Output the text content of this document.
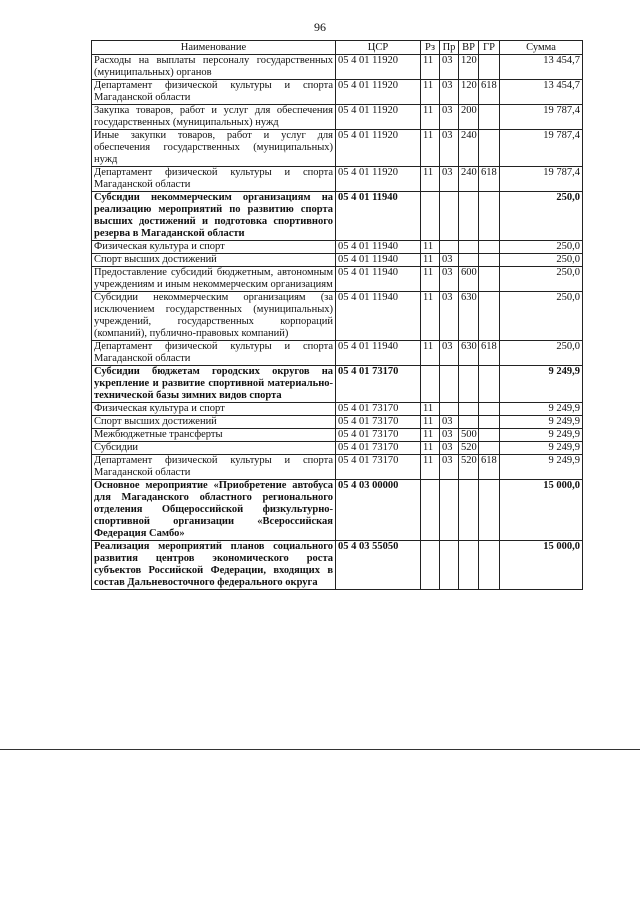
96
Наименование	ЦСР	Рз	Пр	ВР	ГР	Сумма
Расходы на выплаты персоналу государственных (муниципальных) органов	05 4 01 11920	11	03	120		13 454,7
Департамент физической культуры и спорта Магаданской области	05 4 01 11920	11	03	120	618	13 454,7
Закупка товаров, работ и услуг для обеспечения государственных (муниципальных) нужд	05 4 01 11920	11	03	200		19 787,4
Иные закупки товаров, работ и услуг для обеспечения государственных (муниципальных) нужд	05 4 01 11920	11	03	240		19 787,4
Департамент физической культуры и спорта Магаданской области	05 4 01 11920	11	03	240	618	19 787,4
Субсидии некоммерческим организациям на реализацию мероприятий по развитию спорта высших достижений и подготовка спортивного резерва в Магаданской области	05 4 01 11940					250,0
Физическая культура и спорт	05 4 01 11940	11				250,0
Спорт высших достижений	05 4 01 11940	11	03			250,0
Предоставление субсидий бюджетным, автономным учреждениям и иным некоммерческим организациям	05 4 01 11940	11	03	600		250,0
Субсидии некоммерческим организациям (за исключением государственных (муниципальных) учреждений, государственных корпораций (компаний), публично-правовых компаний)	05 4 01 11940	11	03	630		250,0
Департамент физической культуры и спорта Магаданской области	05 4 01 11940	11	03	630	618	250,0
Субсидии бюджетам городских округов на укрепление и развитие спортивной материально-технической базы зимних видов спорта	05 4 01 73170					9 249,9
Физическая культура и спорт	05 4 01 73170	11				9 249,9
Спорт высших достижений	05 4 01 73170	11	03			9 249,9
Межбюджетные трансферты	05 4 01 73170	11	03	500		9 249,9
Субсидии	05 4 01 73170	11	03	520		9 249,9
Департамент физической культуры и спорта Магаданской области	05 4 01 73170	11	03	520	618	9 249,9
Основное мероприятие «Приобретение автобуса для Магаданского областного регионального отделения Общероссийской физкультурно-спортивной организации «Всероссийская Федерация Самбо»	05 4 03 00000					15 000,0
Реализация мероприятий планов социального развития центров экономического роста субъектов Российской Федерации, входящих в состав Дальневосточного федерального округа	05 4 03 55050					15 000,0
